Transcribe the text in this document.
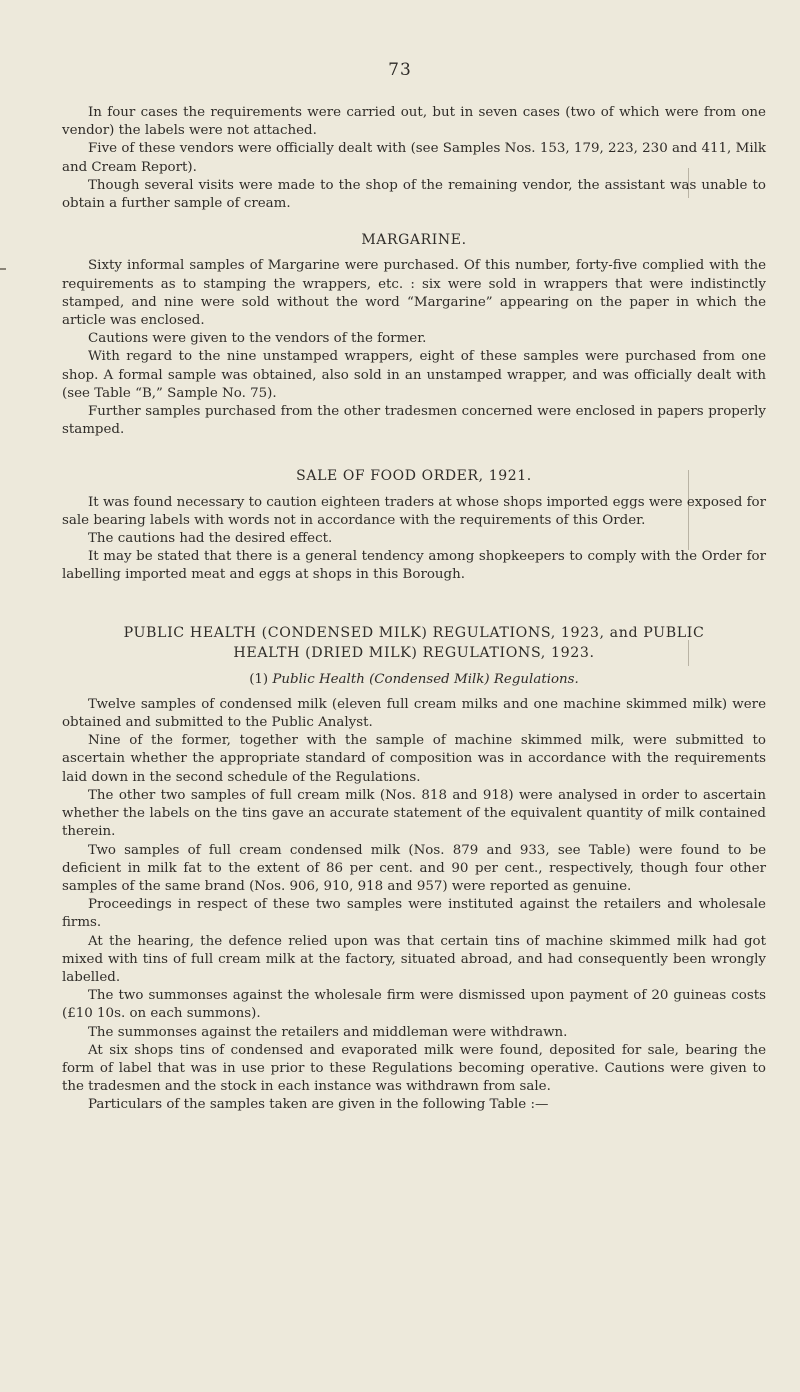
73

In four cases the requirements were carried out, but in seven cases (two of which were from one vendor) the labels were not attached.

Five of these vendors were officially dealt with (see Samples Nos. 153, 179, 223, 230 and 411, Milk and Cream Report).

Though several visits were made to the shop of the remaining vendor, the assistant was unable to obtain a further sample of cream.

MARGARINE.

Sixty informal samples of Margarine were purchased. Of this number, forty-five complied with the requirements as to stamping the wrappers, etc. : six were sold in wrappers that were indistinctly stamped, and nine were sold without the word “Margarine” appearing on the paper in which the article was enclosed.

Cautions were given to the vendors of the former.

With regard to the nine unstamped wrappers, eight of these samples were purchased from one shop. A formal sample was obtained, also sold in an unstamped wrapper, and was officially dealt with (see Table “B,” Sample No. 75).

Further samples purchased from the other tradesmen concerned were enclosed in papers properly stamped.

SALE OF FOOD ORDER, 1921.

It was found necessary to caution eighteen traders at whose shops imported eggs were exposed for sale bearing labels with words not in accordance with the requirements of this Order.

The cautions had the desired effect.

It may be stated that there is a general tendency among shopkeepers to comply with the Order for labelling imported meat and eggs at shops in this Borough.

PUBLIC HEALTH (CONDENSED MILK) REGULATIONS, 1923, and PUBLIC
HEALTH (DRIED MILK) REGULATIONS, 1923.
(1) Public Health (Condensed Milk) Regulations.

Twelve samples of condensed milk (eleven full cream milks and one machine skimmed milk) were obtained and submitted to the Public Analyst.

Nine of the former, together with the sample of machine skimmed milk, were submitted to ascertain whether the appropriate standard of composition was in accordance with the requirements laid down in the second schedule of the Regulations.

The other two samples of full cream milk (Nos. 818 and 918) were analysed in order to ascertain whether the labels on the tins gave an accurate statement of the equivalent quantity of milk contained therein.

Two samples of full cream condensed milk (Nos. 879 and 933, see Table) were found to be deficient in milk fat to the extent of 86 per cent. and 90 per cent., respectively, though four other samples of the same brand (Nos. 906, 910, 918 and 957) were reported as genuine.

Proceedings in respect of these two samples were instituted against the retailers and wholesale firms.

At the hearing, the defence relied upon was that certain tins of machine skimmed milk had got mixed with tins of full cream milk at the factory, situated abroad, and had consequently been wrongly labelled.

The two summonses against the wholesale firm were dismissed upon payment of 20 guineas costs (£10 10s. on each summons).

The summonses against the retailers and middleman were withdrawn.

At six shops tins of condensed and evaporated milk were found, deposited for sale, bearing the form of label that was in use prior to these Regulations becoming operative. Cautions were given to the tradesmen and the stock in each instance was withdrawn from sale.

Particulars of the samples taken are given in the following Table :—
